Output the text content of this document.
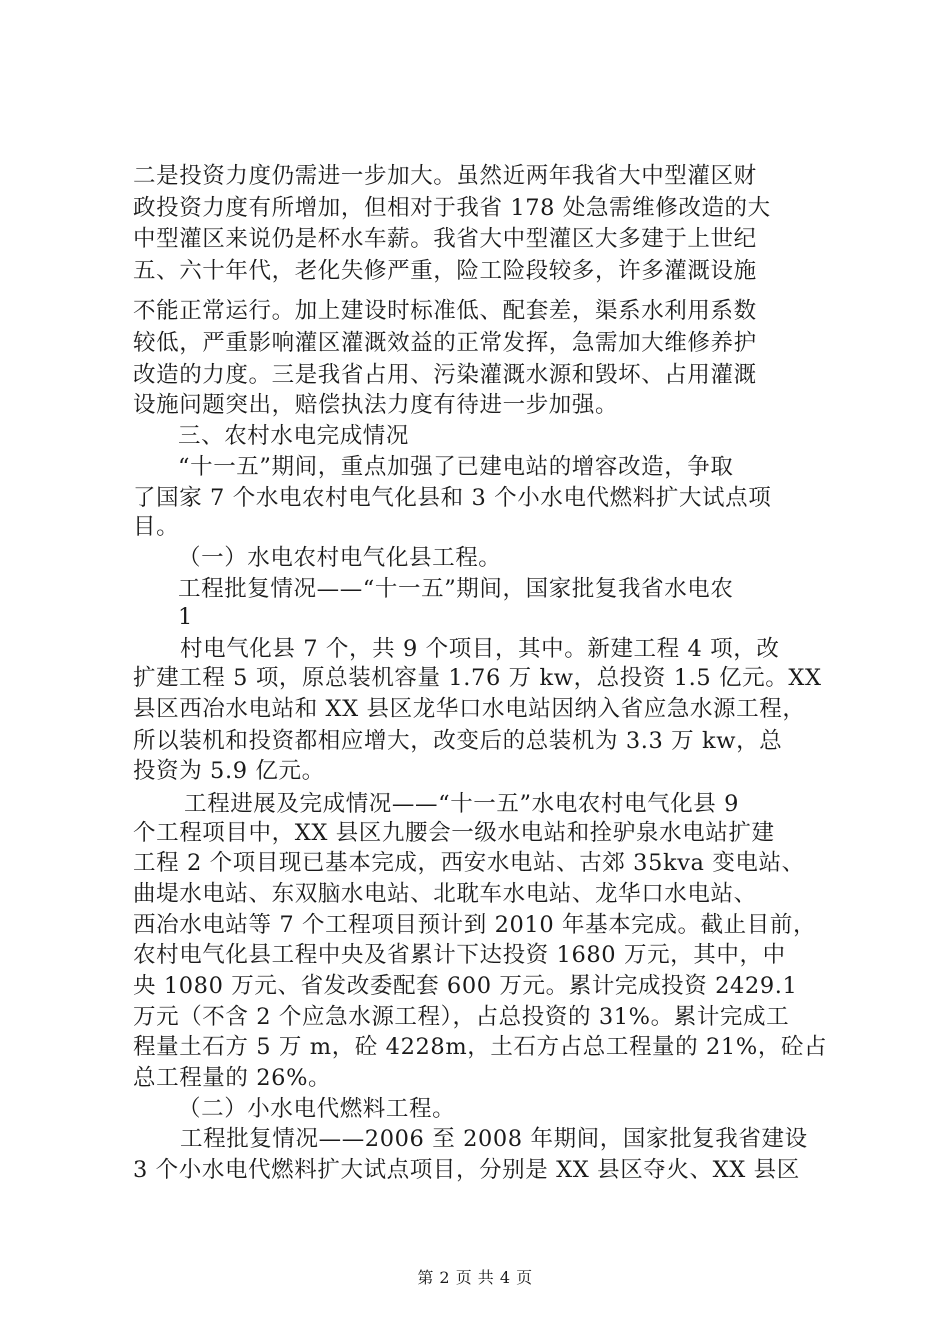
二是投资力度仍需进一步加大。虽然近两年我省大中型灌区财
政投资力度有所增加，但相对于我省 178 处急需维修改造的大
中型灌区来说仍是杯水车薪。我省大中型灌区大多建于上世纪
五、六十年代，老化失修严重，险工险段较多，许多灌溉设施
不能正常运行。加上建设时标准低、配套差，渠系水利用系数
较低，严重影响灌区灌溉效益的正常发挥，急需加大维修养护
改造的力度。三是我省占用、污染灌溉水源和毁坏、占用灌溉
设施问题突出，赔偿执法力度有待进一步加强。
三、农村水电完成情况
“十一五”期间，重点加强了已建电站的增容改造，争取
了国家 7 个水电农村电气化县和 3 个小水电代燃料扩大试点项
目。
（一）水电农村电气化县工程。
工程批复情况——“十一五”期间，国家批复我省水电农
1
村电气化县 7 个，共 9 个项目，其中。新建工程 4 项，改
扩建工程 5 项，原总装机容量 1.76 万 kw，总投资 1.5 亿元。XX
县区西冶水电站和 XX 县区龙华口水电站因纳入省应急水源工程，
所以装机和投资都相应增大，改变后的总装机为 3.3 万 kw，总
投资为 5.9 亿元。
工程进展及完成情况——“十一五”水电农村电气化县 9
个工程项目中，XX 县区九腰会一级水电站和拴驴泉水电站扩建
工程 2 个项目现已基本完成，西安水电站、古郊 35kva 变电站、
曲堤水电站、东双脑水电站、北耽车水电站、龙华口水电站、
西冶水电站等 7 个工程项目预计到 2010 年基本完成。截止目前，
农村电气化县工程中央及省累计下达投资 1680 万元，其中，中
央 1080 万元、省发改委配套 600 万元。累计完成投资 2429.1
万元（不含 2 个应急水源工程），占总投资的 31%。累计完成工
程量土石方 5 万 m，砼 4228m，土石方占总工程量的 21%，砼占
总工程量的 26%。
（二）小水电代燃料工程。
工程批复情况——2006 至 2008 年期间，国家批复我省建设
3 个小水电代燃料扩大试点项目，分别是 XX 县区夺火、XX 县区
第 2 页 共 4 页
